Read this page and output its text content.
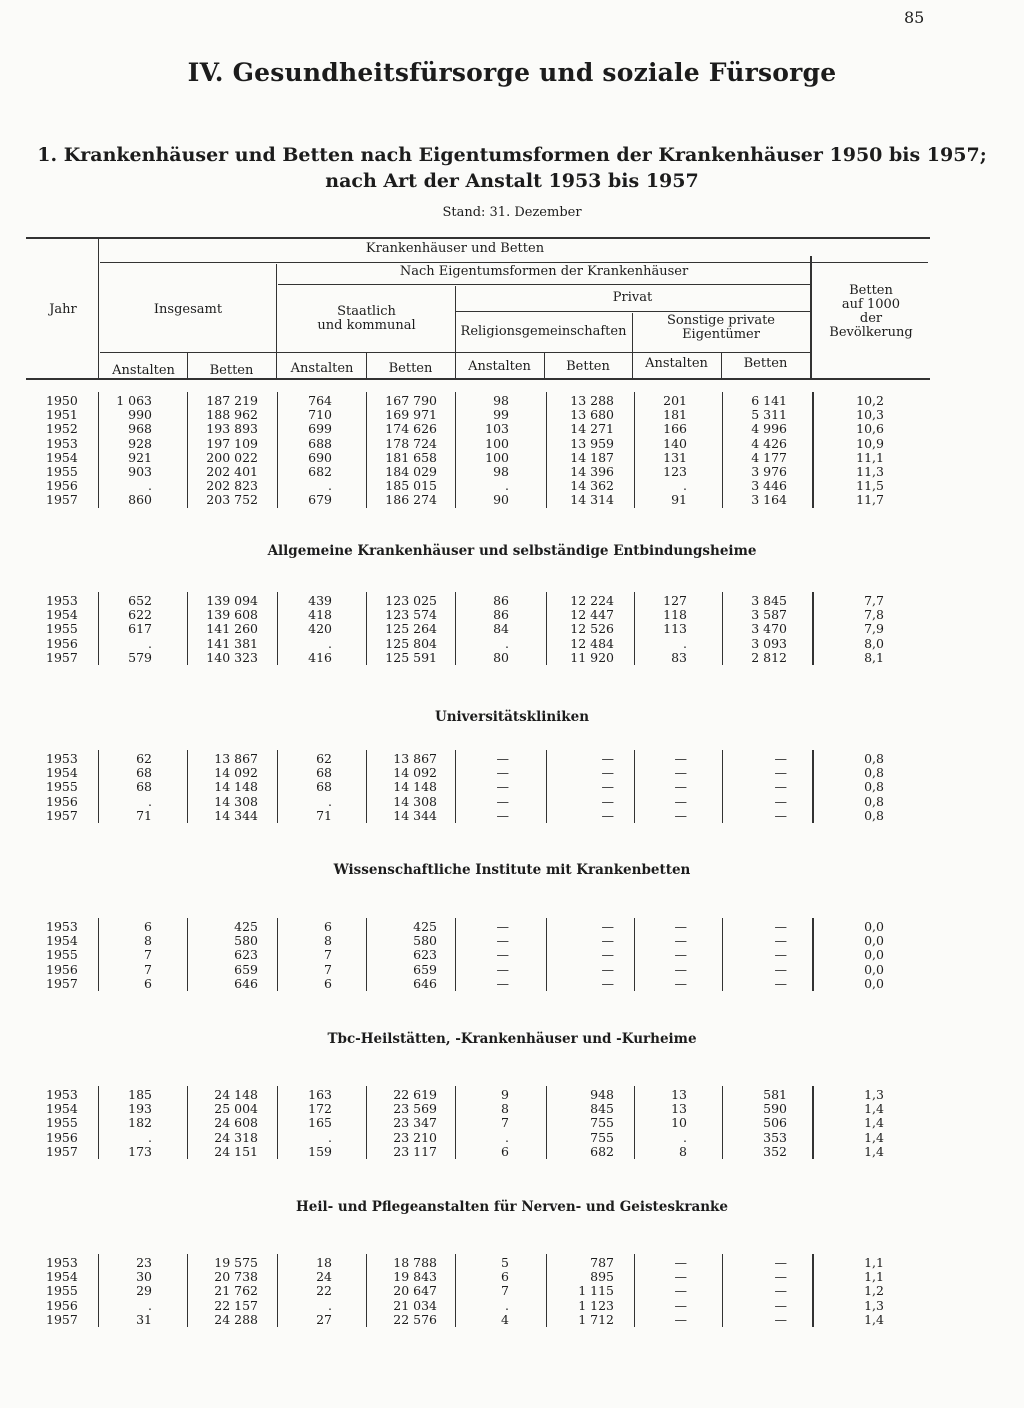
85
IV. Gesundheitsfürsorge und soziale Fürsorge
1. Krankenhäuser und Betten nach Eigentumsformen der Krankenhäuser 1950 bis 1957;
nach Art der Anstalt 1953 bis 1957
Stand: 31. Dezember
Jahr
Krankenhäuser und Betten
Insgesamt
Nach Eigentumsformen der Krankenhäuser
Staatlich
und kommunal
Privat
Religionsgemeinschaften
Sonstige private
Eigentümer
Betten
auf 1000
der
Bevölkerung
Anstalten	Betten	Anstalten	Betten	Anstalten	Betten	Anstalten	Betten
1950	1 063	187 219	764	167 790	98	13 288	201	6 141	10,2
1951	990	188 962	710	169 971	99	13 680	181	5 311	10,3
1952	968	193 893	699	174 626	103	14 271	166	4 996	10,6
1953	928	197 109	688	178 724	100	13 959	140	4 426	10,9
1954	921	200 022	690	181 658	100	14 187	131	4 177	11,1
1955	903	202 401	682	184 029	98	14 396	123	3 976	11,3
1956	.	202 823	.	185 015	.	14 362	.	3 446	11,5
1957	860	203 752	679	186 274	90	14 314	91	3 164	11,7
Allgemeine Krankenhäuser und selbständige Entbindungsheime
1953	652	139 094	439	123 025	86	12 224	127	3 845	7,7
1954	622	139 608	418	123 574	86	12 447	118	3 587	7,8
1955	617	141 260	420	125 264	84	12 526	113	3 470	7,9
1956	.	141 381	.	125 804	.	12 484	.	3 093	8,0
1957	579	140 323	416	125 591	80	11 920	83	2 812	8,1
Universitätskliniken
1953	62	13 867	62	13 867	—	—	—	—	0,8
1954	68	14 092	68	14 092	—	—	—	—	0,8
1955	68	14 148	68	14 148	—	—	—	—	0,8
1956	.	14 308	.	14 308	—	—	—	—	0,8
1957	71	14 344	71	14 344	—	—	—	—	0,8
Wissenschaftliche Institute mit Krankenbetten
1953	6	425	6	425	—	—	—	—	0,0
1954	8	580	8	580	—	—	—	—	0,0
1955	7	623	7	623	—	—	—	—	0,0
1956	7	659	7	659	—	—	—	—	0,0
1957	6	646	6	646	—	—	—	—	0,0
Tbc-Heilstätten, -Krankenhäuser und -Kurheime
1953	185	24 148	163	22 619	9	948	13	581	1,3
1954	193	25 004	172	23 569	8	845	13	590	1,4
1955	182	24 608	165	23 347	7	755	10	506	1,4
1956	.	24 318	.	23 210	.	755	.	353	1,4
1957	173	24 151	159	23 117	6	682	8	352	1,4
Heil- und Pflegeanstalten für Nerven- und Geisteskranke
1953	23	19 575	18	18 788	5	787	—	—	1,1
1954	30	20 738	24	19 843	6	895	—	—	1,1
1955	29	21 762	22	20 647	7	1 115	—	—	1,2
1956	.	22 157	.	21 034	.	1 123	—	—	1,3
1957	31	24 288	27	22 576	4	1 712	—	—	1,4
